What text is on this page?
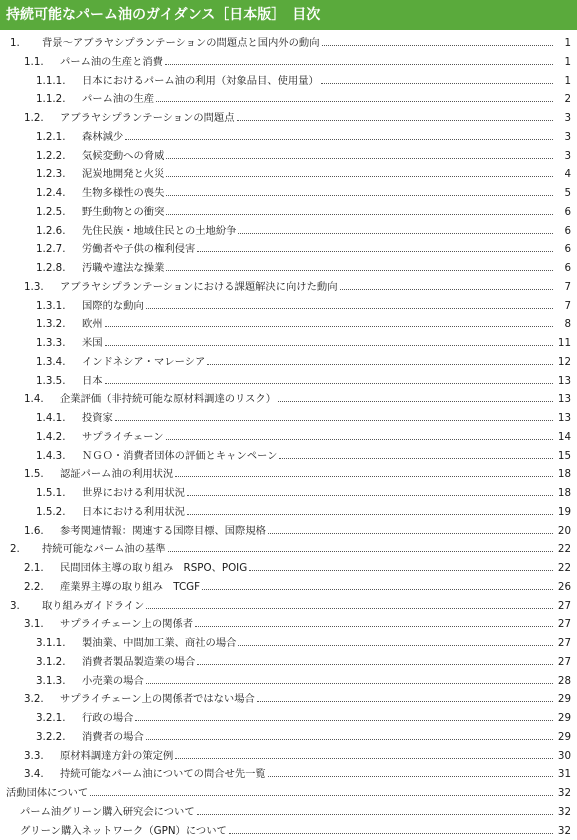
持続可能なパーム油のガイダンス［日本版］　目次
1. 背景～アブラヤシプランテーションの問題点と国内外の動向	1
1.1. パーム油の生産と消費	1
1.1.1. 日本におけるパーム油の利用（対象品目、使用量）	1
1.1.2. パーム油の生産	2
1.2. アブラヤシプランテーションの問題点	3
1.2.1. 森林減少	3
1.2.2. 気候変動への脅威	3
1.2.3. 泥炭地開発と火災	4
1.2.4. 生物多様性の喪失	5
1.2.5. 野生動物との衝突	6
1.2.6. 先住民族・地域住民との土地紛争	6
1.2.7. 労働者や子供の権利侵害	6
1.2.8. 汚職や違法な操業	6
1.3. アブラヤシプランテーションにおける課題解決に向けた動向	7
1.3.1. 国際的な動向	7
1.3.2. 欧州	8
1.3.3. 米国	11
1.3.4. インドネシア・マレーシア	12
1.3.5. 日本	13
1.4. 企業評価（非持続可能な原材料調達のリスク）	13
1.4.1. 投資家	13
1.4.2. サプライチェーン	14
1.4.3. ＮＧＯ・消費者団体の評価とキャンペーン	15
1.5. 認証パーム油の利用状況	18
1.5.1. 世界における利用状況	18
1.5.2. 日本における利用状況	19
1.6. 参考関連情報：関連する国際目標、国際規格	20
2. 持続可能なパーム油の基準	22
2.1. 民間団体主導の取り組み　RSPO、POIG	22
2.2. 産業界主導の取り組み　TCGF	26
3. 取り組みガイドライン	27
3.1. サプライチェーン上の関係者	27
3.1.1. 製油業、中間加工業、商社の場合	27
3.1.2. 消費者製品製造業の場合	27
3.1.3. 小売業の場合	28
3.2. サプライチェーン上の関係者ではない場合	29
3.2.1. 行政の場合	29
3.2.2. 消費者の場合	29
3.3. 原材料調達方針の策定例	30
3.4. 持続可能なパーム油についての問合せ先一覧	31
活動団体について	32
パーム油グリーン購入研究会について	32
グリーン購入ネットワーク（GPN）について	32
